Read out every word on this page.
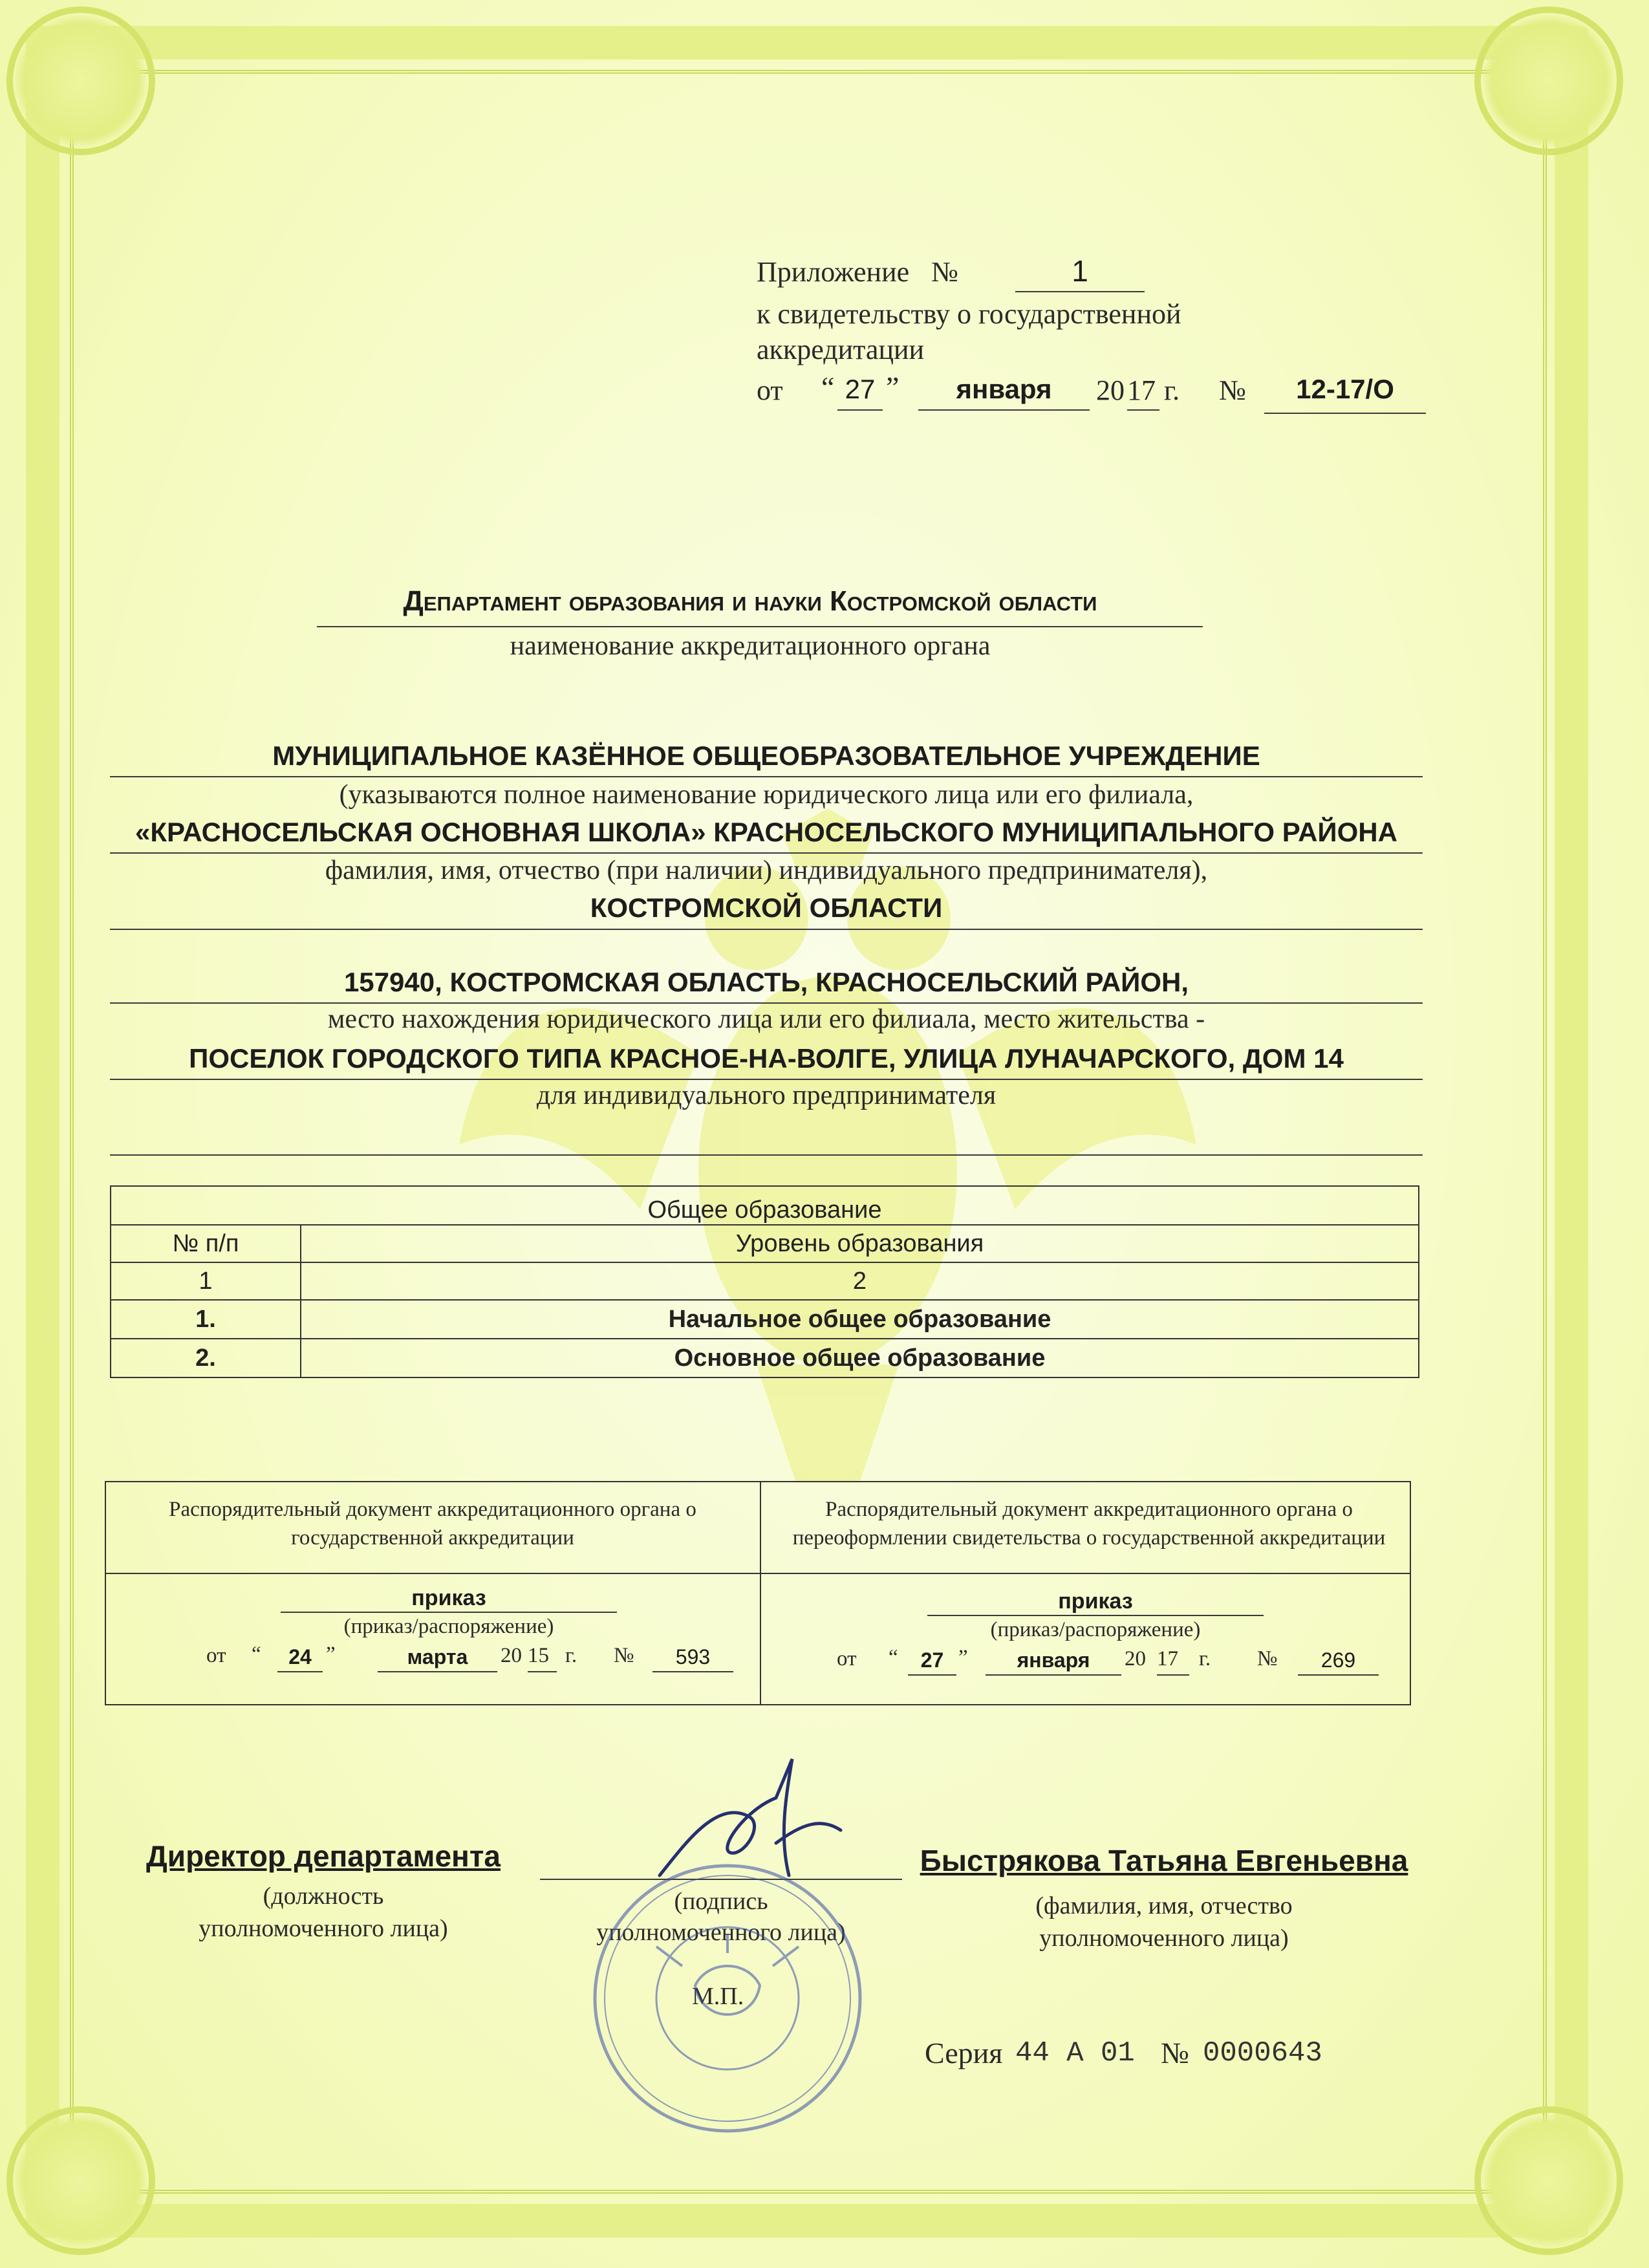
Приложение №	1
к свидетельству о государственной
аккредитации
от “ 27 ”	января	20 17 г. №	12-17/О
Департамент образования и науки Костромской области
наименование аккредитационного органа
МУНИЦИПАЛЬНОЕ КАЗЁННОЕ ОБЩЕОБРАЗОВАТЕЛЬНОЕ УЧРЕЖДЕНИЕ
(указываются полное наименование юридического лица или его филиала,
«КРАСНОСЕЛЬСКАЯ ОСНОВНАЯ ШКОЛА» КРАСНОСЕЛЬСКОГО МУНИЦИПАЛЬНОГО РАЙОНА
фамилия, имя, отчество (при наличии) индивидуального предпринимателя),
КОСТРОМСКОЙ ОБЛАСТИ
157940, КОСТРОМСКАЯ ОБЛАСТЬ, КРАСНОСЕЛЬСКИЙ РАЙОН,
место нахождения юридического лица или его филиала, место жительства -
ПОСЕЛОК ГОРОДСКОГО ТИПА КРАСНОЕ-НА-ВОЛГЕ, УЛИЦА ЛУНАЧАРСКОГО, ДОМ 14
для индивидуального предпринимателя
Общее образование	
№ п/п	Уровень образования
1	2
1.	Начальное общее образование
2.	Основное общее образование
Распорядительный документ аккредитационного органа о государственной аккредитации
приказ
(приказ/распоряжение)
от “	24 ”	марта	20 15 г. №	593
Распорядительный документ аккредитационного органа о переоформлении свидетельства о государственной аккредитации
приказ
(приказ/распоряжение)
от “	27 ”	января	20 17 г. №	269
Директор департамента
(должность
уполномоченного лица)
(подпись
уполномоченного лица)
Быстрякова Татьяна Евгеньевна
(фамилия, имя, отчество
уполномоченного лица)
М.П.
Серия 44 А 01 № 0000643
